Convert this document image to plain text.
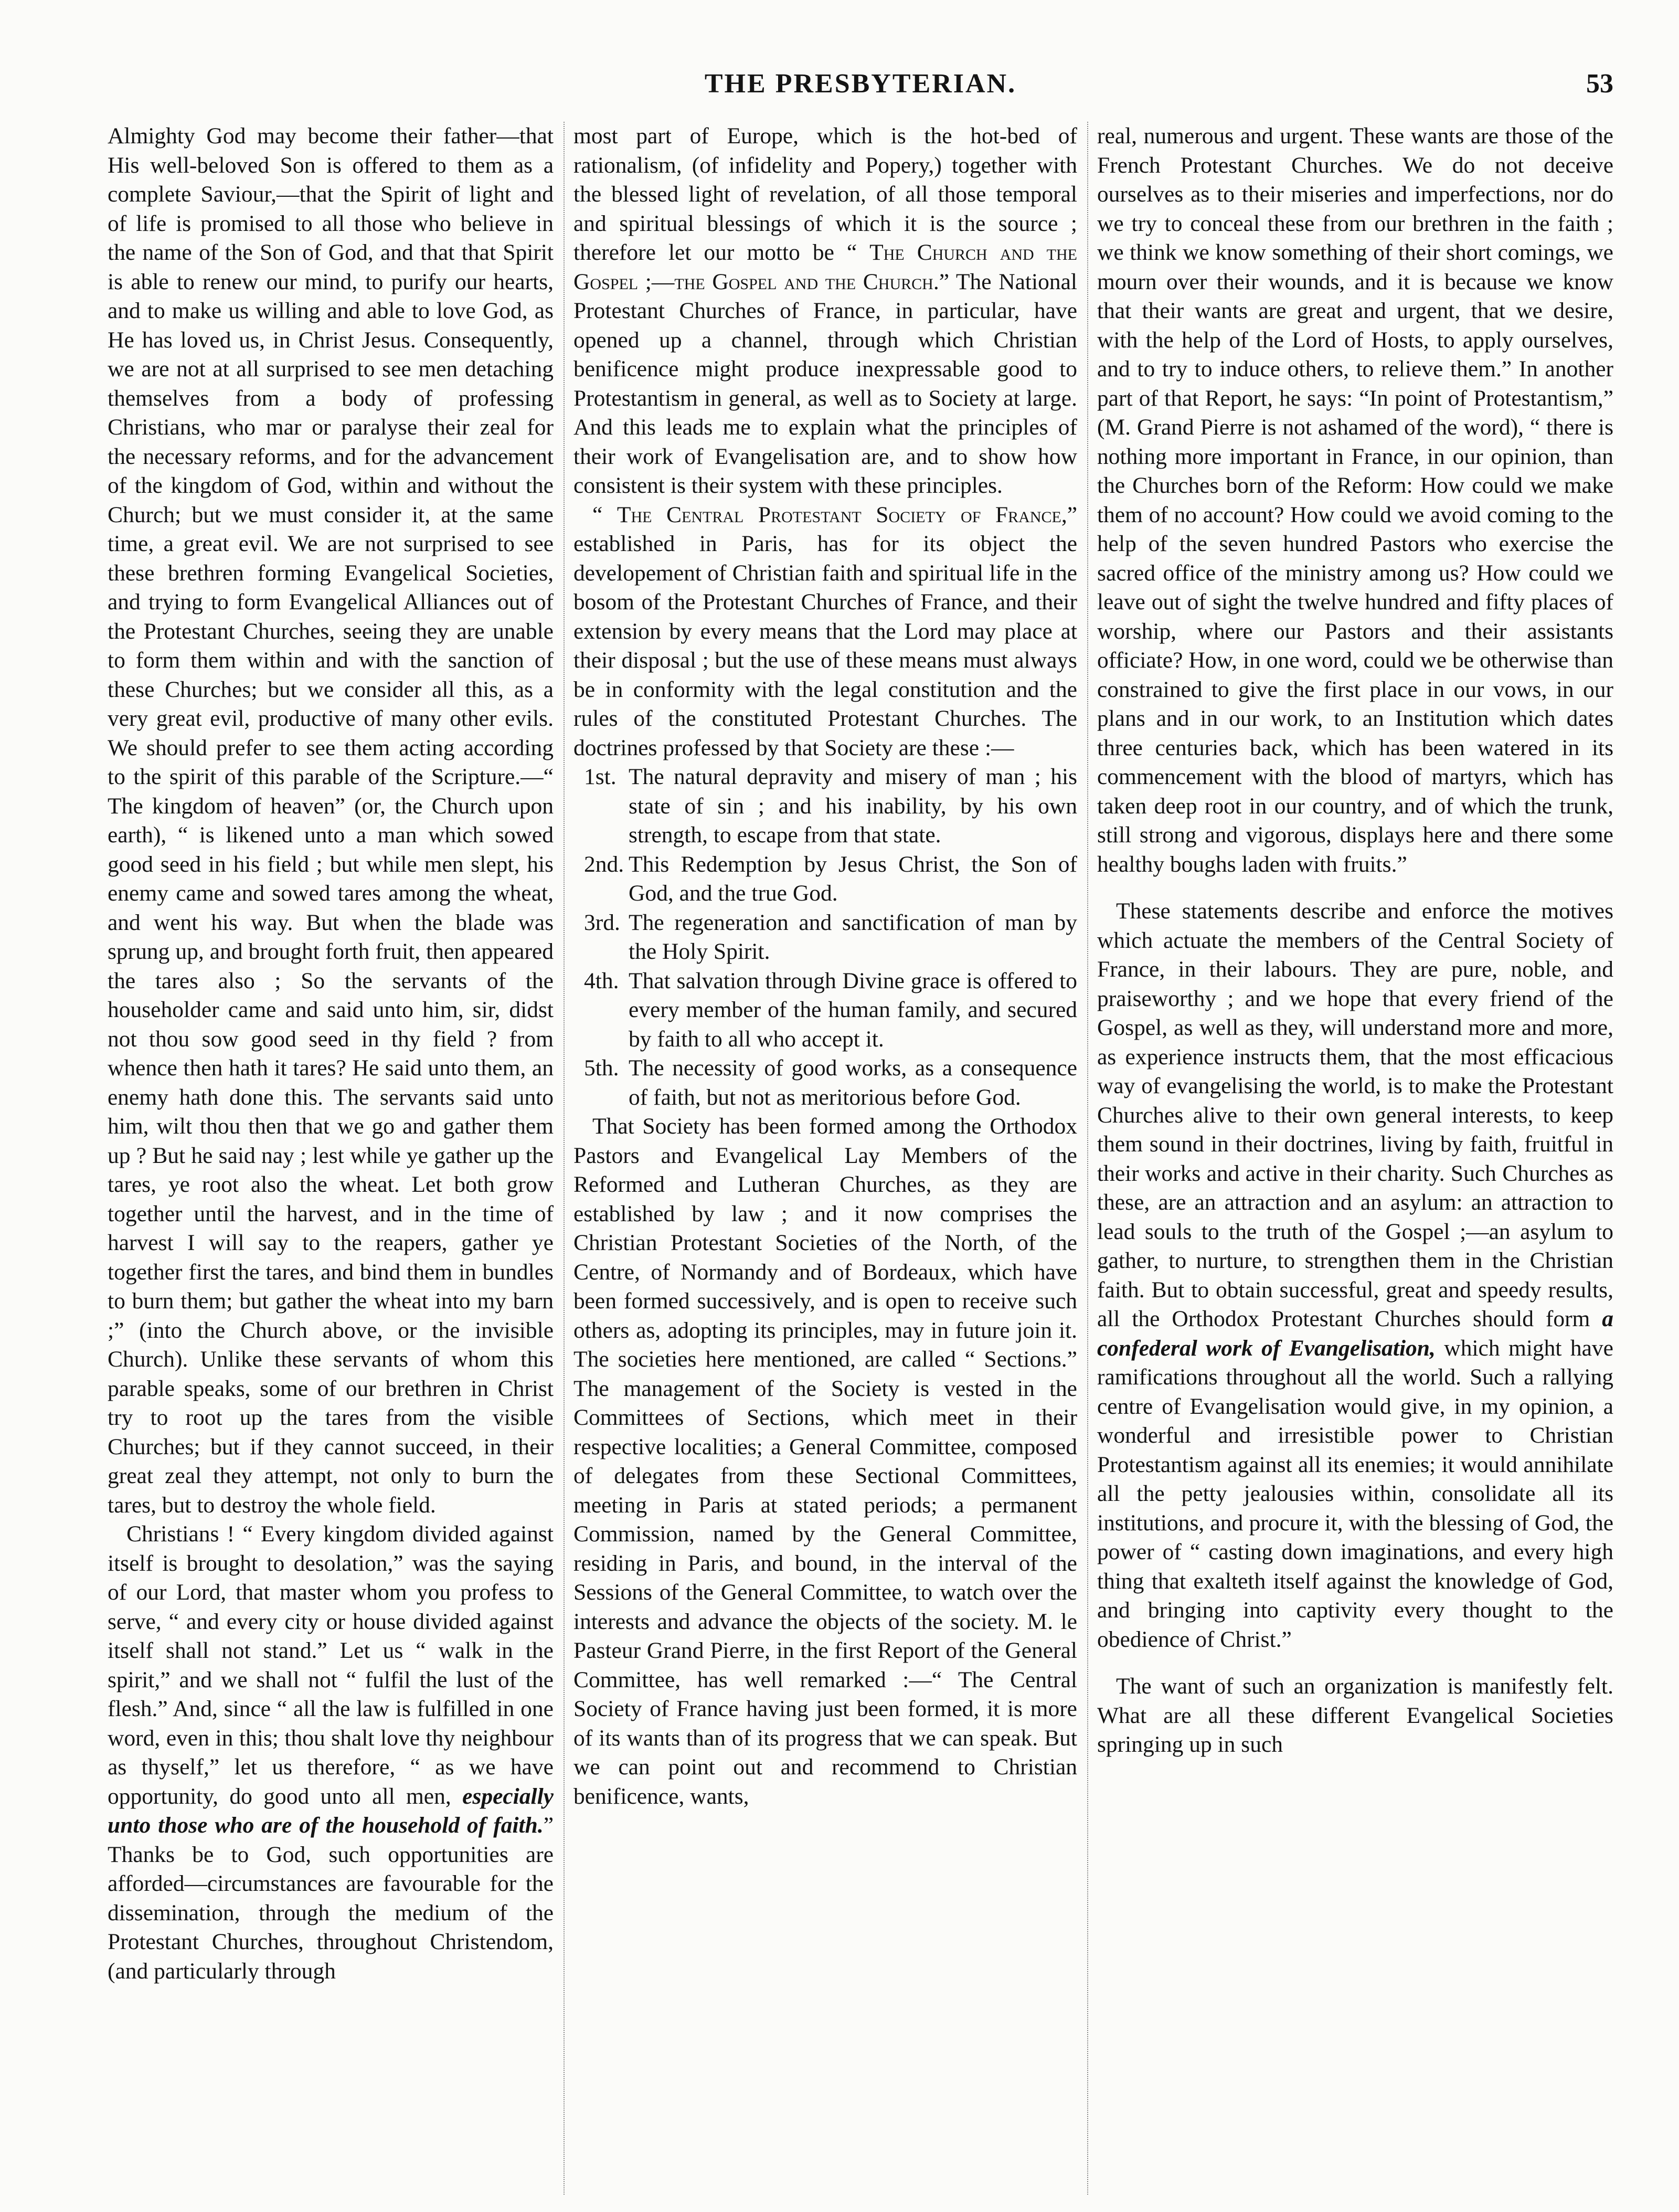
THE PRESBYTERIAN.	53

Almighty God may become their father—that His well-beloved Son is offered to them as a complete Saviour,—that the Spirit of light and of life is promised to all those who believe in the name of the Son of God, and that that Spirit is able to renew our mind, to purify our hearts, and to make us willing and able to love God, as He has loved us, in Christ Jesus. Consequently, we are not at all surprised to see men detaching themselves from a body of professing Christians, who mar or paralyse their zeal for the necessary reforms, and for the advancement of the kingdom of God, within and without the Church; but we must consider it, at the same time, a great evil. We are not surprised to see these brethren forming Evangelical Societies, and trying to form Evangelical Alliances out of the Protestant Churches, seeing they are unable to form them within and with the sanction of these Churches; but we consider all this, as a very great evil, productive of many other evils. We should prefer to see them acting according to the spirit of this parable of the Scripture.—“ The kingdom of heaven” (or, the Church upon earth), “ is likened unto a man which sowed good seed in his field ; but while men slept, his enemy came and sowed tares among the wheat, and went his way. But when the blade was sprung up, and brought forth fruit, then appeared the tares also ; So the servants of the householder came and said unto him, sir, didst not thou sow good seed in thy field ? from whence then hath it tares? He said unto them, an enemy hath done this. The servants said unto him, wilt thou then that we go and gather them up ? But he said nay ; lest while ye gather up the tares, ye root also the wheat. Let both grow together until the harvest, and in the time of harvest I will say to the reapers, gather ye together first the tares, and bind them in bundles to burn them; but gather the wheat into my barn ;” (into the Church above, or the invisible Church). Unlike these servants of whom this parable speaks, some of our brethren in Christ try to root up the tares from the visible Churches; but if they cannot succeed, in their great zeal they attempt, not only to burn the tares, but to destroy the whole field.

Christians ! “ Every kingdom divided against itself is brought to desolation,” was the saying of our Lord, that master whom you profess to serve, “ and every city or house divided against itself shall not stand.” Let us “ walk in the spirit,” and we shall not “ fulfil the lust of the flesh.” And, since “ all the law is fulfilled in one word, even in this; thou shalt love thy neighbour as thyself,” let us therefore, “ as we have opportunity, do good unto all men, especially unto those who are of the household of faith.” Thanks be to God, such opportunities are afforded—circumstances are favourable for the dissemination, through the medium of the Protestant Churches, throughout Christendom, (and particularly through

most part of Europe, which is the hot-bed of rationalism, (of infidelity and Popery,) together with the blessed light of revelation, of all those temporal and spiritual blessings of which it is the source ; therefore let our motto be “ The Church and the Gospel ;—the Gospel and the Church.” The National Protestant Churches of France, in particular, have opened up a channel, through which Christian benificence might produce inexpressable good to Protestantism in general, as well as to Society at large. And this leads me to explain what the principles of their work of Evangelisation are, and to show how consistent is their system with these principles.

“ The Central Protestant Society of France,” established in Paris, has for its object the developement of Christian faith and spiritual life in the bosom of the Protestant Churches of France, and their extension by every means that the Lord may place at their disposal ; but the use of these means must always be in conformity with the legal constitution and the rules of the constituted Protestant Churches. The doctrines professed by that Society are these :—

1st. The natural depravity and misery of man ; his state of sin ; and his inability, by his own strength, to escape from that state.
2nd. This Redemption by Jesus Christ, the Son of God, and the true God.
3rd. The regeneration and sanctification of man by the Holy Spirit.
4th. That salvation through Divine grace is offered to every member of the human family, and secured by faith to all who accept it.
5th. The necessity of good works, as a consequence of faith, but not as meritorious before God.

That Society has been formed among the Orthodox Pastors and Evangelical Lay Members of the Reformed and Lutheran Churches, as they are established by law ; and it now comprises the Christian Protestant Societies of the North, of the Centre, of Normandy and of Bordeaux, which have been formed successively, and is open to receive such others as, adopting its principles, may in future join it. The societies here mentioned, are called “ Sections.” The management of the Society is vested in the Committees of Sections, which meet in their respective localities; a General Committee, composed of delegates from these Sectional Committees, meeting in Paris at stated periods; a permanent Commission, named by the General Committee, residing in Paris, and bound, in the interval of the Sessions of the General Committee, to watch over the interests and advance the objects of the society. M. le Pasteur Grand Pierre, in the first Report of the General Committee, has well remarked :—“ The Central Society of France having just been formed, it is more of its wants than of its progress that we can speak. But we can point out and recommend to Christian benificence, wants,

real, numerous and urgent. These wants are those of the French Protestant Churches. We do not deceive ourselves as to their miseries and imperfections, nor do we try to conceal these from our brethren in the faith ; we think we know something of their short comings, we mourn over their wounds, and it is because we know that their wants are great and urgent, that we desire, with the help of the Lord of Hosts, to apply ourselves, and to try to induce others, to relieve them.” In another part of that Report, he says: “In point of Protestantism,” (M. Grand Pierre is not ashamed of the word), “ there is nothing more important in France, in our opinion, than the Churches born of the Reform: How could we make them of no account? How could we avoid coming to the help of the seven hundred Pastors who exercise the sacred office of the ministry among us? How could we leave out of sight the twelve hundred and fifty places of worship, where our Pastors and their assistants officiate? How, in one word, could we be otherwise than constrained to give the first place in our vows, in our plans and in our work, to an Institution which dates three centuries back, which has been watered in its commencement with the blood of martyrs, which has taken deep root in our country, and of which the trunk, still strong and vigorous, displays here and there some healthy boughs laden with fruits.”

These statements describe and enforce the motives which actuate the members of the Central Society of France, in their labours. They are pure, noble, and praiseworthy ; and we hope that every friend of the Gospel, as well as they, will understand more and more, as experience instructs them, that the most efficacious way of evangelising the world, is to make the Protestant Churches alive to their own general interests, to keep them sound in their doctrines, living by faith, fruitful in their works and active in their charity. Such Churches as these, are an attraction and an asylum: an attraction to lead souls to the truth of the Gospel ;—an asylum to gather, to nurture, to strengthen them in the Christian faith. But to obtain successful, great and speedy results, all the Orthodox Protestant Churches should form a confederal work of Evangelisation, which might have ramifications throughout all the world. Such a rallying centre of Evangelisation would give, in my opinion, a wonderful and irresistible power to Christian Protestantism against all its enemies; it would annihilate all the petty jealousies within, consolidate all its institutions, and procure it, with the blessing of God, the power of “ casting down imaginations, and every high thing that exalteth itself against the knowledge of God, and bringing into captivity every thought to the obedience of Christ.”

The want of such an organization is manifestly felt. What are all these different Evangelical Societies springing up in such
